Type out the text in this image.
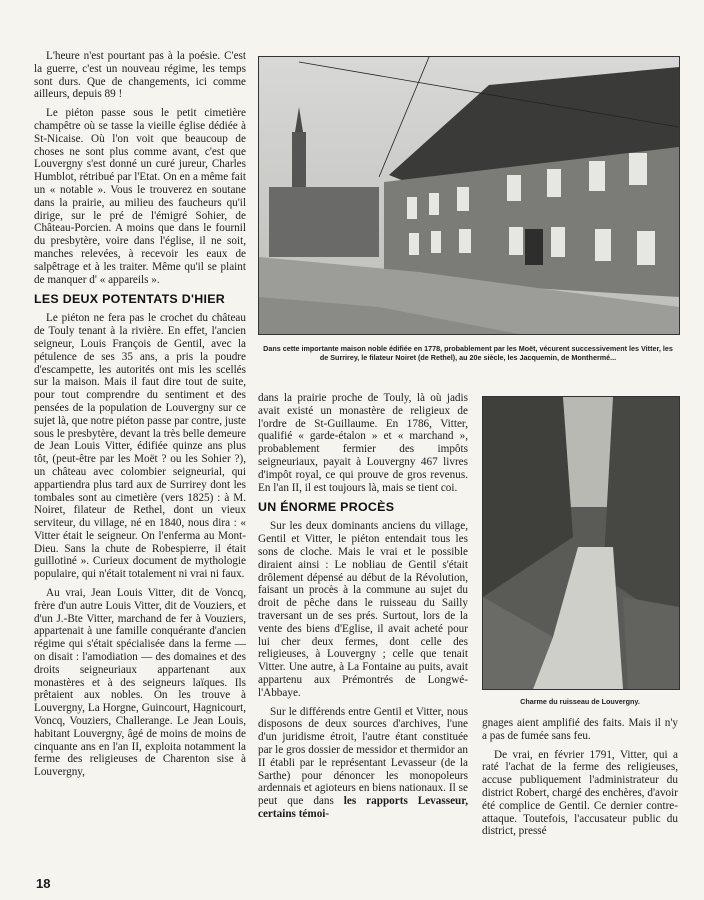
L'heure n'est pourtant pas à la poésie. C'est la guerre, c'est un nouveau régime, les temps sont durs. Que de changements, ici comme ailleurs, depuis 89 !

Le piéton passe sous le petit cimetière champêtre où se tasse la vieille église dédiée à St-Nicaise. Où l'on voit que beaucoup de choses ne sont plus comme avant, c'est que Louvergny s'est donné un curé jureur, Charles Humblot, rétribué par l'Etat. On en a même fait un « notable ». Vous le trouverez en soutane dans la prairie, au milieu des faucheurs qu'il dirige, sur le pré de l'émigré Sohier, de Château-Porcien. A moins que dans le fournil du presbytère, voire dans l'église, il ne soit, manches relevées, à recevoir les eaux de salpêtrage et à les traiter. Même qu'il se plaint de manquer d' « appareils ».

LES DEUX POTENTATS D'HIER

Le piéton ne fera pas le crochet du château de Touly tenant à la rivière. En effet, l'ancien seigneur, Louis François de Gentil, avec la pétulence de ses 35 ans, a pris la poudre d'escampette, les autorités ont mis les scellés sur la maison. Mais il faut dire tout de suite, pour tout comprendre du sentiment et des pensées de la population de Louvergny sur ce sujet là, que notre piéton passe par contre, juste sous le presbytère, devant la très belle demeure de Jean Louis Vitter, édifiée quinze ans plus tôt, (peut-être par les Moët ? ou les Sohier ?), un château avec colombier seigneurial, qui appartiendra plus tard aux de Surrirey dont les tombales sont au cimetière (vers 1825) : à M. Noiret, filateur de Rethel, dont un vieux serviteur, du village, né en 1840, nous dira : « Vitter était le seigneur. On l'enferma au Mont-Dieu. Sans la chute de Robespierre, il était guillotiné ». Curieux document de mythologie populaire, qui n'était totalement ni vrai ni faux.

Au vrai, Jean Louis Vitter, dit de Voncq, frère d'un autre Louis Vitter, dit de Vouziers, et d'un J.-Bte Vitter, marchand de fer à Vouziers, appartenait à une famille conquérante d'ancien régime qui s'était spécialisée dans la ferme — on disait : l'amodiation — des domaines et des droits seigneuriaux appartenant aux monastères et à des seigneurs laïques. Ils prêtaient aux nobles. On les trouve à Louvergny, La Horgne, Guincourt, Hagnicourt, Voncq, Vouziers, Challerange. Le Jean Louis, habitant Louvergny, âgé de moins de moins de cinquante ans en l'an II, exploita notamment la ferme des religieuses de Charenton sise à Louvergny,

Dans cette importante maison noble édifiée en 1778, probablement par les Moët, vécurent successivement les Vitter, les de Surrirey, le filateur Noiret (de Rethel), au 20e siècle, les Jacquemin, de Monthermé...

dans la prairie proche de Touly, là où jadis avait existé un monastère de religieux de l'ordre de St-Guillaume. En 1786, Vitter, qualifié « garde-étalon » et « marchand », probablement fermier des impôts seigneuriaux, payait à Louvergny 467 livres d'impôt royal, ce qui prouve de gros revenus. En l'an II, il est toujours là, mais se tient coi.

UN ÉNORME PROCÈS

Sur les deux dominants anciens du village, Gentil et Vitter, le piéton entendait tous les sons de cloche. Mais le vrai et le possible diraient ainsi : Le nobliau de Gentil s'était drôlement dépensé au début de la Révolution, faisant un procès à la commune au sujet du droit de pêche dans le ruisseau du Sailly traversant un de ses prés. Surtout, lors de la vente des biens d'Eglise, il avait acheté pour lui cher deux fermes, dont celle des religieuses, à Louvergny ; celle que tenait Vitter. Une autre, à La Fontaine au puits, avait appartenu aux Prémontrés de Longwé-l'Abbaye.

Sur le différends entre Gentil et Vitter, nous disposons de deux sources d'archives, l'une d'un juridisme étroit, l'autre étant constituée par le gros dossier de messidor et thermidor an II établi par le représentant Levasseur (de la Sarthe) pour dénoncer les monopoleurs ardennais et agioteurs en biens nationaux. Il se peut que dans les rapports Levasseur, certains témoi-

Charme du ruisseau de Louvergny.

gnages aient amplifié des faits. Mais il n'y a pas de fumée sans feu.

De vrai, en février 1791, Vitter, qui a raté l'achat de la ferme des religieuses, accuse publiquement l'administrateur du district Robert, chargé des enchères, d'avoir été complice de Gentil. Ce dernier contre-attaque. Toutefois, l'accusateur public du district, pressé

18
